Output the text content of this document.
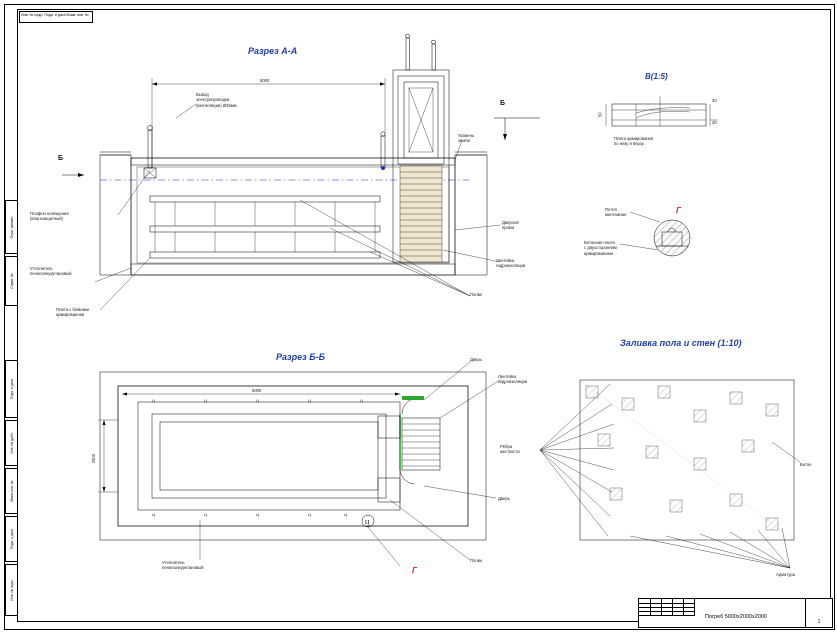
Инв. № подл. Подп. и дата Взам. инв. №
Перв. примен.
Справ. №
Подп. и дата
Инв. № дубл.
Взам. инв. №
Подп. и дата
Инв. № подл.
Ц
Разрез А-А
5000
Вывод
электропроводки
(вентиляции) Ø25мм.
Плафон освещения
(влагозащитный)
Утеплитель
пенополиуретановый
Плита с бейками
армированная
Дверной
проем
Лентяйка
гидроизоляции
Полки
Уровень
земли
Б
Б
B(1:5)
50
30
20
Плита армирования
по низу и верху
Г
Петля
монтажная
Бетонная плита
с двухсторонним
армированием
Разрез Б-Б
5000
2000
Дверь
Лентяйка
гидроизоляции
Дверь
Полки
Утеплитель
пенополиуретановый	Г
Ц	Ц	Ц	Ц	Ц
Ц	Ц	Ц	Ц	Ц
Заливка пола и стен (1:10)
Рёбра
жесткости
Бетон
Арматура
Погреб 5000х2000х2000
1
